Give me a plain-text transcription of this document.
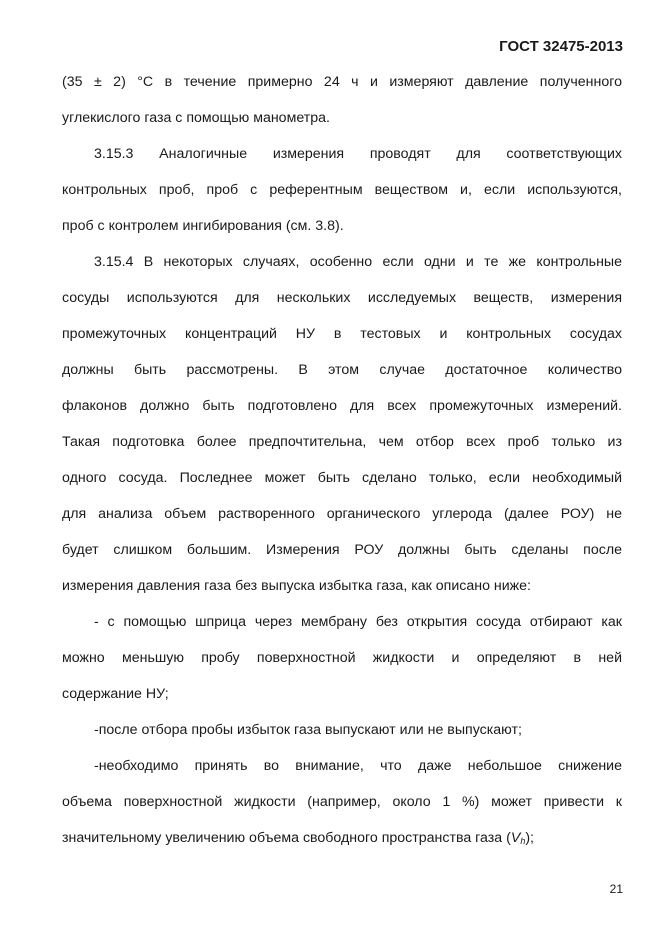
ГОСТ 32475-2013
(35 ± 2) °С в течение примерно 24 ч и измеряют давление полученного
углекислого газа с помощью манометра.
3.15.3 Аналогичные измерения проводят для соответствующих
контрольных проб, проб с референтным веществом и, если используются,
проб с контролем ингибирования (см. 3.8).
3.15.4 В некоторых случаях, особенно если одни и те же контрольные
сосуды используются для нескольких исследуемых веществ, измерения
промежуточных концентраций НУ в тестовых и контрольных сосудах
должны быть рассмотрены. В этом случае достаточное количество
флаконов должно быть подготовлено для всех промежуточных измерений.
Такая подготовка более предпочтительна, чем отбор всех проб только из
одного сосуда. Последнее может быть сделано только, если необходимый
для анализа объем растворенного органического углерода (далее РОУ) не
будет слишком большим. Измерения РОУ должны быть сделаны после
измерения давления газа без выпуска избытка газа, как описано ниже:
- с помощью шприца через мембрану без открытия сосуда отбирают как
можно меньшую пробу поверхностной жидкости и определяют в ней
содержание НУ;
-после отбора пробы избыток газа выпускают или не выпускают;
-необходимо принять во внимание, что даже небольшое снижение
объема поверхностной жидкости (например, около 1 %) может привести к
значительному увеличению объема свободного пространства газа $(V_h)$;
21
